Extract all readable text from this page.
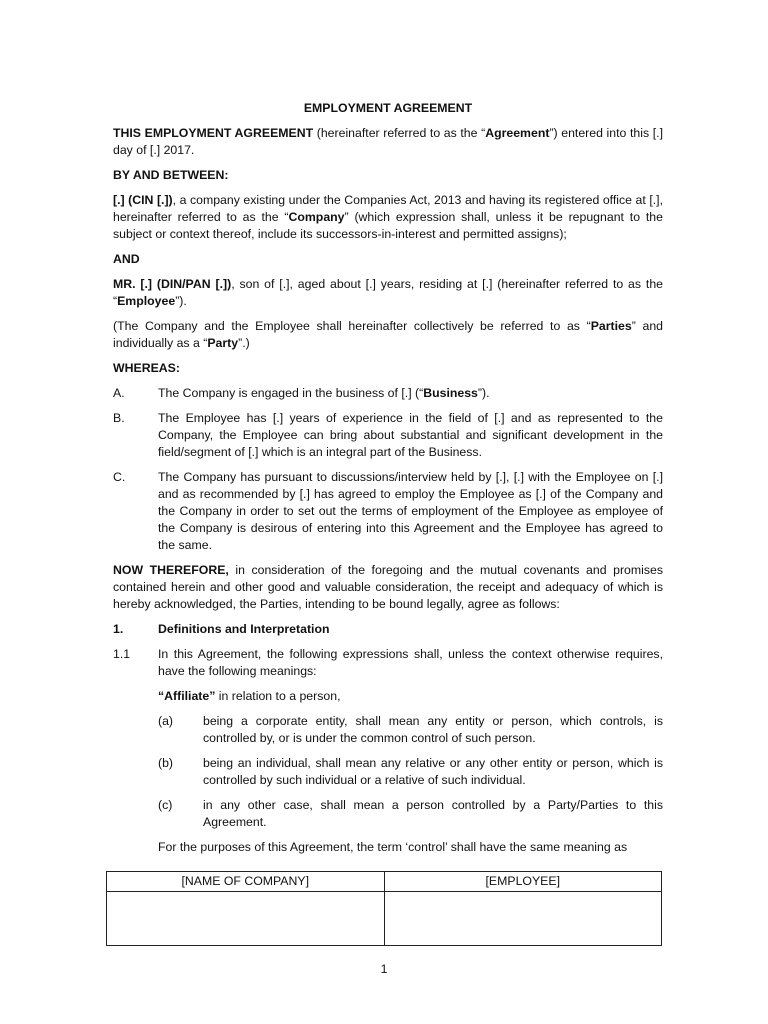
EMPLOYMENT AGREEMENT

THIS EMPLOYMENT AGREEMENT (hereinafter referred to as the “Agreement”) entered into this [.] day of [.] 2017.

BY AND BETWEEN:

[.] (CIN [.]), a company existing under the Companies Act, 2013 and having its registered office at [.], hereinafter referred to as the “Company” (which expression shall, unless it be repugnant to the subject or context thereof, include its successors-in-interest and permitted assigns);

AND

MR. [.] (DIN/PAN [.]), son of [.], aged about [.] years, residing at [.] (hereinafter referred to as the “Employee”).

(The Company and the Employee shall hereinafter collectively be referred to as “Parties” and individually as a “Party”.)

WHEREAS:

A.	The Company is engaged in the business of [.] (“Business”).
B.	The Employee has [.] years of experience in the field of [.] and as represented to the Company, the Employee can bring about substantial and significant development in the field/segment of [.] which is an integral part of the Business.
C.	The Company has pursuant to discussions/interview held by [.], [.] with the Employee on [.] and as recommended by [.] has agreed to employ the Employee as [.] of the Company and the Company in order to set out the terms of employment of the Employee as employee of the Company is desirous of entering into this Agreement and the Employee has agreed to the same.

NOW THEREFORE, in consideration of the foregoing and the mutual covenants and promises contained herein and other good and valuable consideration, the receipt and adequacy of which is hereby acknowledged, the Parties, intending to be bound legally, agree as follows:

1.	Definitions and Interpretation
1.1	In this Agreement, the following expressions shall, unless the context otherwise requires, have the following meanings:

“Affiliate” in relation to a person,

(a)	being a corporate entity, shall mean any entity or person, which controls, is controlled by, or is under the common control of such person.
(b)	being an individual, shall mean any relative or any other entity or person, which is controlled by such individual or a relative of such individual.
(c)	in any other case, shall mean a person controlled by a Party/Parties to this Agreement.

For the purposes of this Agreement, the term ‘control’ shall have the same meaning as

[NAME OF COMPANY]	[EMPLOYEE]

1
